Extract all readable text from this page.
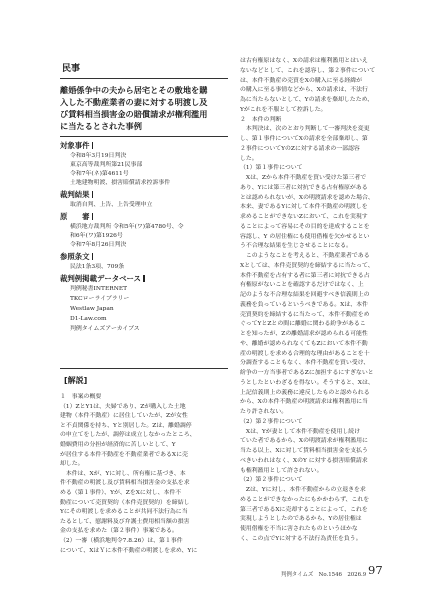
民事
離婚係争中の夫から居宅とその敷地を購
入した不動産業者の妻に対する明渡し及
び賃料相当損害金の賠償請求が権利濫用
に当たるとされた事例
対象事件
令和8年3月19日判決
東京高等裁判所第21民事部
令和7年(ネ)第4611号
土地建物明渡、損害賠償請求控訴事件
裁判結果
取消自判、上告、上告受理申立
原　　審
横浜地方裁判所 令和5年(ワ)第4780号、令
和6年(ワ)第1926号
令和7年8月26日判決
参照条文
民法1条3項、709条
裁判例掲載データベース
判例秘書INTERNET
TKCローライブラリー
Westlaw Japan
D1-Law.com
判例タイムズアーカイブス
[解説]
１　事案の概要
（1）ZとY1は、夫婦であり、Zが購入した土地
建物（本件不動産）に居住していたが、Zが女性
と不貞関係を持ち、Yと別居した。Zは、離婚調停
の申立てをしたが、調停は成立しなかったところ、
婚姻費用の分担が経済的に苦しいとして、Y
が居住する本件不動産を不動産業者であるXに売
却した。
　本件は、Xが、Yに対し、所有権に基づき、本
件不動産の明渡し及び賃料相当損害金の支払を求
める（第１事件）、Yが、ZをXに対し、本件不
動産について売買契約（本件売買契約）を締結し
Yにその明渡しを求めることが共同不法行為に当
たるとして、慰謝料及び弁護士費用相当額の損害
金の支払を求めた（第２事件）事案である。
（2）一審（横浜地判令7.8.26）は、第１事件
について、XはＹに本件不動産の明渡しを求め、Yに
は古有権原はなく、Xの請求は権利濫用とはいえ
ないなどとして、これを認容し、第２事件について
は、本件不動産の売買をXの購入に至る経緯が
の購入に至る事情などから、Xの請求は、不法行
為に当たらないとして、Yの請求を棄却したため、
Yがこれを不服として控訴した。
２　本件の判断
　本判決は、次のとおり判断して一審判決を変更
し、第１事件についてXの請求を全部棄却し、第
２事件についてYのZに対する請求の一部認容
した。
（1）第１事件について
　Xは、Zから本件不動産を買い受けた第三者で
あり、Yには第三者に対抗できる占有権原がある
とは認められないが、Xの明渡請求を認めた場合、
本来、妻であるYに対して本件不動産の明渡しを
求めることができないZにおいて、これを実現す
ることによって容易にその目的を達成することを
容認し、Y の居住権にも使用借権を欠かせるとい
う不合理な結果を生じさせることになる。
　このようなことを考えると、不動産業者である
Xとしては、本件売買契約を締結するに当たって、
本件不動産を占有する者に第三者に対抗できる占
有権原がないことを確認するだけではなく、上
記のような不合理な結果を回避すべき信義則上の
義務を負っているというべきである。Xは、本件
売買契約を締結するに当たって、本件不動産をめ
ぐってYとZとの間に離婚に関わる紛争があるこ
とを知ったが、Zの離婚請求が認められる可能性
や、離婚が認められなくてもZにおいて本件不動
産の明渡しを求める合理的な理由があることを十
分調査することもなく、本件不動産を買い受け、
紛争の一方当事者であるZに加担するにすぎないと
うとしたといわざるを得ない。そうすると、Xは、
上記信義則上の義務に違反したものと認められる
から、Xの本件不動産の明渡請求は権利濫用に当
たり許されない。
（2）第２事件について
　Xは、Yが妻として本件不動産を使用し続け
ていた者であるから、Xの明渡請求が権利濫用に
当たる以上、Xに対して賃料相当損害金を支払う
べきいわれはなく、XのY に対する損害賠償請求
も権利濫用として許されない。
（2）第２事件について
　Zは、Yに対し、本件不動産からの立退きを求
めることができなかったにもかかわらず、これを
第三者であるXに売却することによって、これを
実現しようとしたのであるから、Yの居住権は
使用借権を不当に害されたものというほかな
く、この点でYに対する不法行為責任を負う。
判例タイムズ　No.1546　2026.9 97
